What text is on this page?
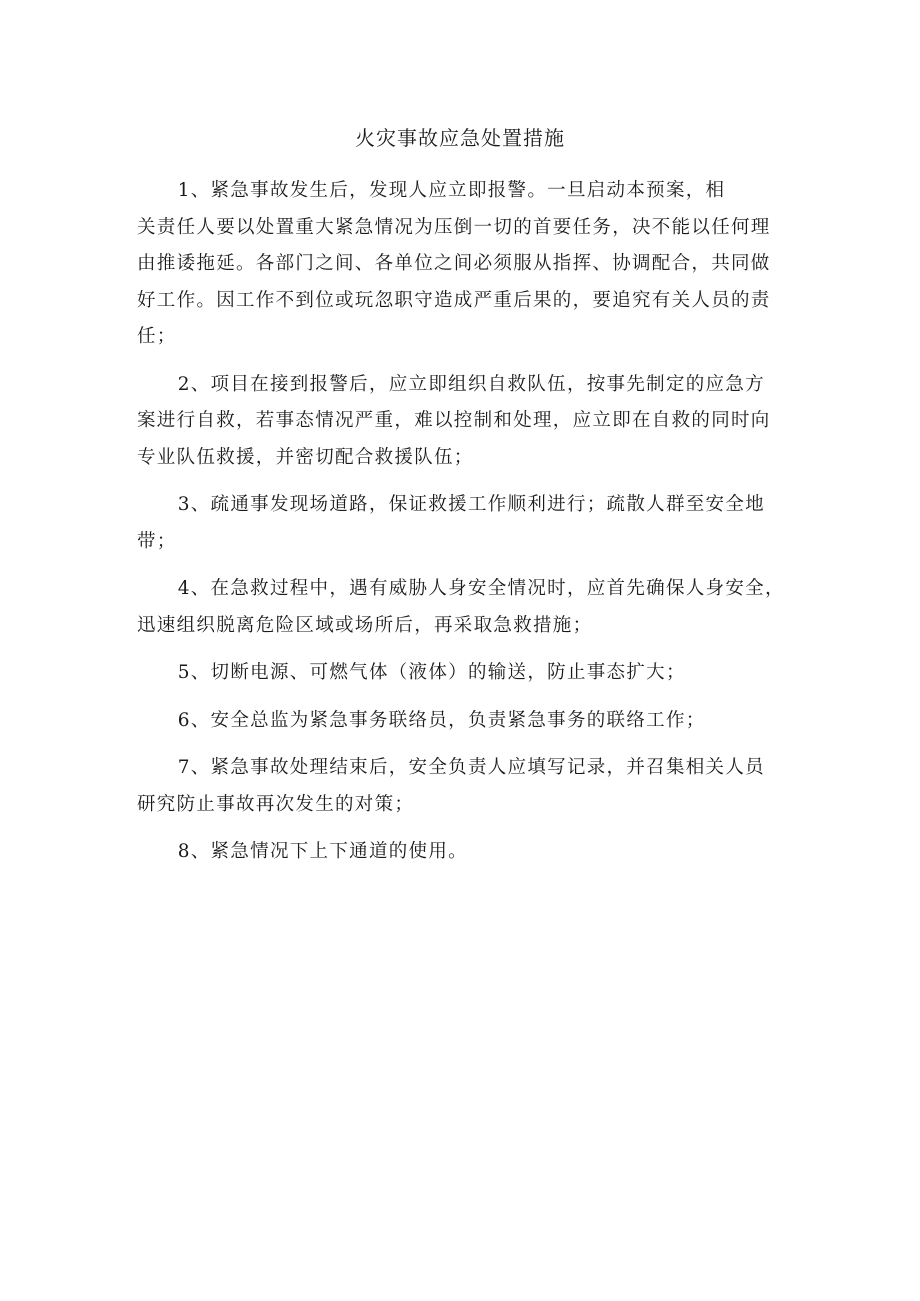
火灾事故应急处置措施

1、紧急事故发生后，发现人应立即报警。一旦启动本预案，相
关责任人要以处置重大紧急情况为压倒一切的首要任务，决不能以任何理
由推诿拖延。各部门之间、各单位之间必须服从指挥、协调配合，共同做
好工作。因工作不到位或玩忽职守造成严重后果的，要追究有关人员的责
任；

2、项目在接到报警后，应立即组织自救队伍，按事先制定的应急方
案进行自救，若事态情况严重，难以控制和处理，应立即在自救的同时向
专业队伍救援，并密切配合救援队伍；

3、疏通事发现场道路，保证救援工作顺利进行；疏散人群至安全地
带；

4、在急救过程中，遇有威胁人身安全情况时，应首先确保人身安全，
迅速组织脱离危险区域或场所后，再采取急救措施；

5、切断电源、可燃气体（液体）的输送，防止事态扩大；

6、安全总监为紧急事务联络员，负责紧急事务的联络工作；

7、紧急事故处理结束后，安全负责人应填写记录，并召集相关人员
研究防止事故再次发生的对策；

8、紧急情况下上下通道的使用。
